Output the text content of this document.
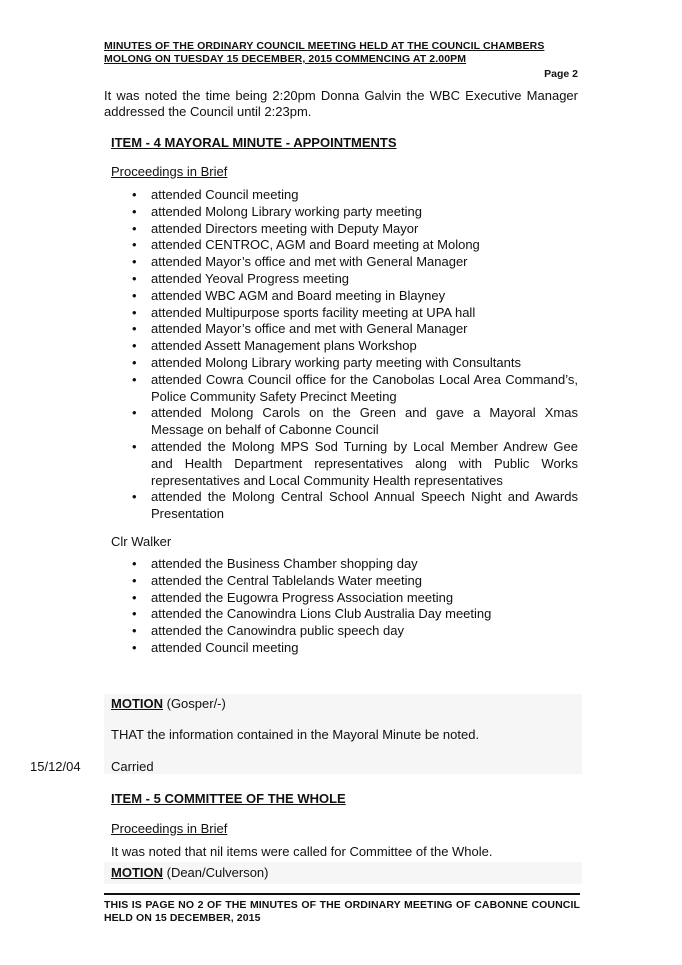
MINUTES OF THE ORDINARY COUNCIL MEETING HELD AT THE COUNCIL CHAMBERS
MOLONG ON TUESDAY 15 DECEMBER, 2015 COMMENCING AT 2.00PM
Page 2
It was noted the time being 2:20pm Donna Galvin the WBC Executive Manager addressed the Council until 2:23pm.
ITEM - 4 MAYORAL MINUTE - APPOINTMENTS
Proceedings in Brief
• attended Council meeting
• attended Molong Library working party meeting
• attended Directors meeting with Deputy Mayor
• attended CENTROC, AGM and Board meeting at Molong
• attended Mayor’s office and met with General Manager
• attended Yeoval Progress meeting
• attended WBC AGM and Board meeting in Blayney
• attended Multipurpose sports facility meeting at UPA hall
• attended Mayor’s office and met with General Manager
• attended Assett Management plans Workshop
• attended Molong Library working party meeting with Consultants
• attended Cowra Council office for the Canobolas Local Area Command’s, Police Community Safety Precinct Meeting
• attended Molong Carols on the Green and gave a Mayoral Xmas Message on behalf of Cabonne Council
• attended the Molong MPS Sod Turning by Local Member Andrew Gee and Health Department representatives along with Public Works representatives and Local Community Health representatives
• attended the Molong Central School Annual Speech Night and Awards Presentation
Clr Walker
• attended the Business Chamber shopping day
• attended the Central Tablelands Water meeting
• attended the Eugowra Progress Association meeting
• attended the Canowindra Lions Club Australia Day meeting
• attended the Canowindra public speech day
• attended Council meeting
MOTION (Gosper/-)
THAT the information contained in the Mayoral Minute be noted.
Carried
15/12/04
ITEM - 5 COMMITTEE OF THE WHOLE
Proceedings in Brief
It was noted that nil items were called for Committee of the Whole.
MOTION (Dean/Culverson)
THIS IS PAGE NO 2 OF THE MINUTES OF THE ORDINARY MEETING OF CABONNE COUNCIL HELD ON 15 DECEMBER, 2015
